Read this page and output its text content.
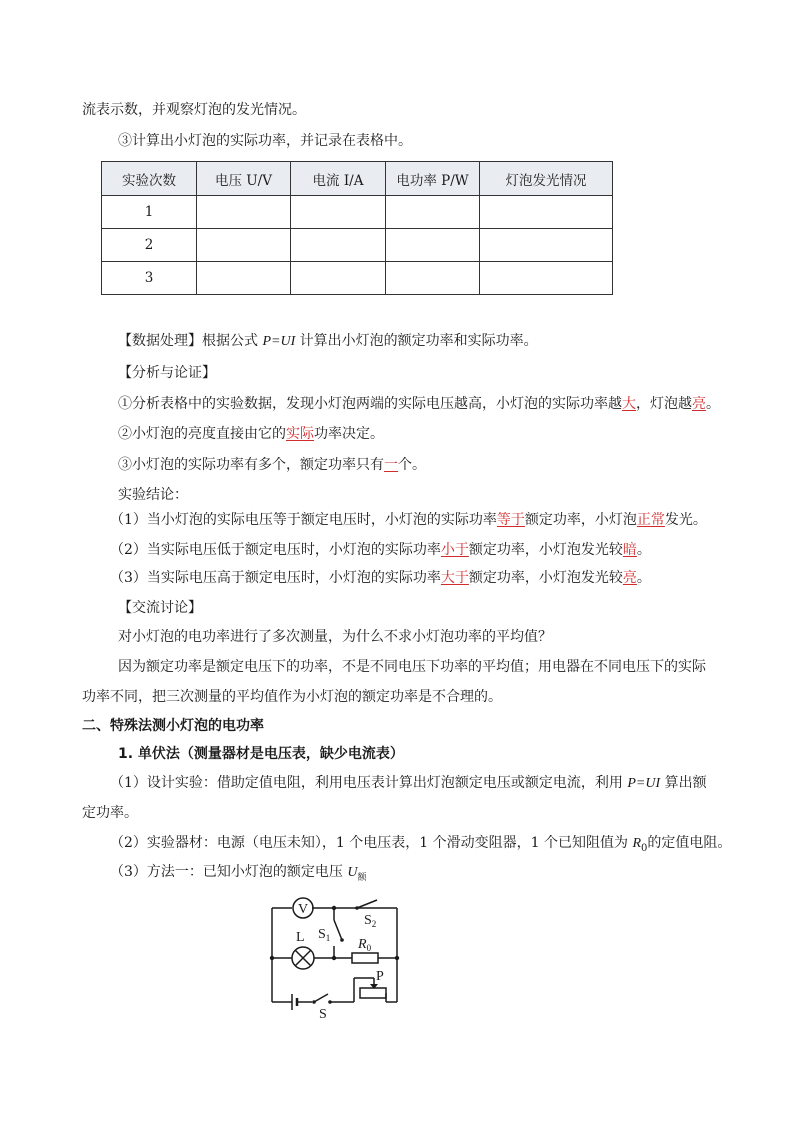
流表示数，并观察灯泡的发光情况。
③计算出小灯泡的实际功率，并记录在表格中。
实验次数	电压 U/V	电流 I/A	电功率 P/W	灯泡发光情况
1				
2				
3				
【数据处理】根据公式 P=UI 计算出小灯泡的额定功率和实际功率。
【分析与论证】
①分析表格中的实验数据，发现小灯泡两端的实际电压越高，小灯泡的实际功率越大，灯泡越亮。
②小灯泡的亮度直接由它的实际功率决定。
③小灯泡的实际功率有多个，额定功率只有一个。
实验结论：
（1）当小灯泡的实际电压等于额定电压时，小灯泡的实际功率等于额定功率，小灯泡正常发光。
（2）当实际电压低于额定电压时，小灯泡的实际功率小于额定功率，小灯泡发光较暗。
（3）当实际电压高于额定电压时，小灯泡的实际功率大于额定功率，小灯泡发光较亮。
【交流讨论】
对小灯泡的电功率进行了多次测量，为什么不求小灯泡功率的平均值？
因为额定功率是额定电压下的功率，不是不同电压下功率的平均值；用电器在不同电压下的实际
功率不同，把三次测量的平均值作为小灯泡的额定功率是不合理的。
二、特殊法测小灯泡的电功率
1. 单伏法（测量器材是电压表，缺少电流表）
（1）设计实验：借助定值电阻，利用电压表计算出灯泡额定电压或额定电流，利用 P=UI 算出额
定功率。
（2）实验器材：电源（电压未知），1 个电压表，1 个滑动变阻器，1 个已知阻值为 $R_0$的定值电阻。
（3）方法一：已知小灯泡的额定电压 $U_额$
V
L $S_1$
$S_2$
$R_0$
P
S
